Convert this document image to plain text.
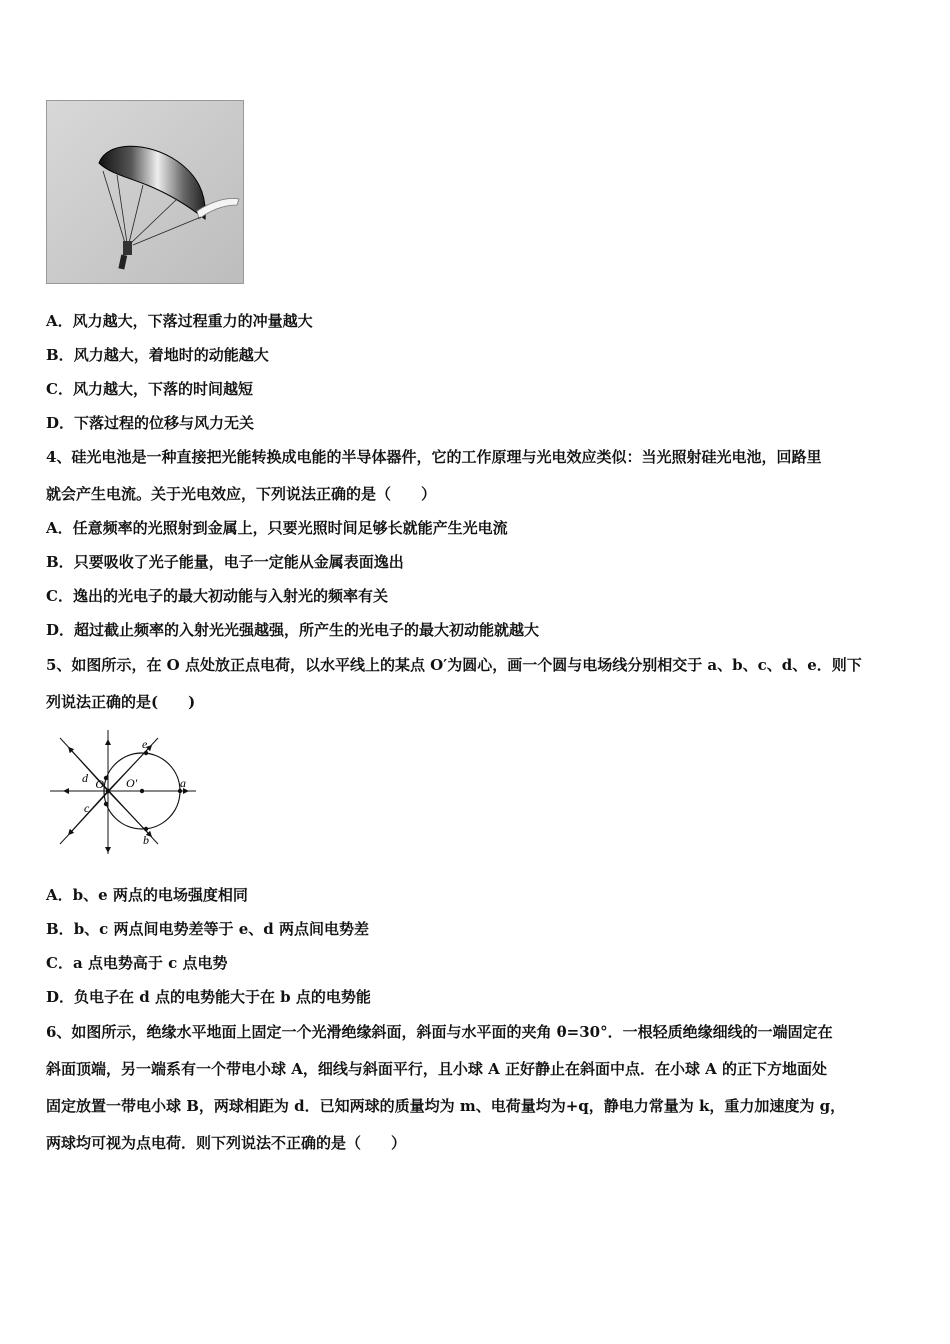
A．风力越大，下落过程重力的冲量越大
B．风力越大，着地时的动能越大
C．风力越大，下落的时间越短
D．下落过程的位移与风力无关
4、硅光电池是一种直接把光能转换成电能的半导体器件，它的工作原理与光电效应类似：当光照射硅光电池，回路里
就会产生电流。关于光电效应，下列说法正确的是（　　）
A．任意频率的光照射到金属上，只要光照时间足够长就能产生光电流
B．只要吸收了光子能量，电子一定能从金属表面逸出
C．逸出的光电子的最大初动能与入射光的频率有关
D．超过截止频率的入射光光强越强，所产生的光电子的最大初动能就越大
5、如图所示，在 O 点处放正点电荷，以水平线上的某点 O′为圆心，画一个圆与电场线分别相交于 a、b、c、d、e．则下
列说法正确的是(　　)
O O′	a
b
c
d
e
A．b、e 两点的电场强度相同
B．b、c 两点间电势差等于 e、d 两点间电势差
C．a 点电势高于 c 点电势
D．负电子在 d 点的电势能大于在 b 点的电势能
6、如图所示，绝缘水平地面上固定一个光滑绝缘斜面，斜面与水平面的夹角 θ=30°．一根轻质绝缘细线的一端固定在
斜面顶端，另一端系有一个带电小球 A，细线与斜面平行，且小球 A 正好静止在斜面中点．在小球 A 的正下方地面处
固定放置一带电小球 B，两球相距为 d．已知两球的质量均为 m、电荷量均为+q，静电力常量为 k，重力加速度为 g，
两球均可视为点电荷．则下列说法不正确的是（　　）
